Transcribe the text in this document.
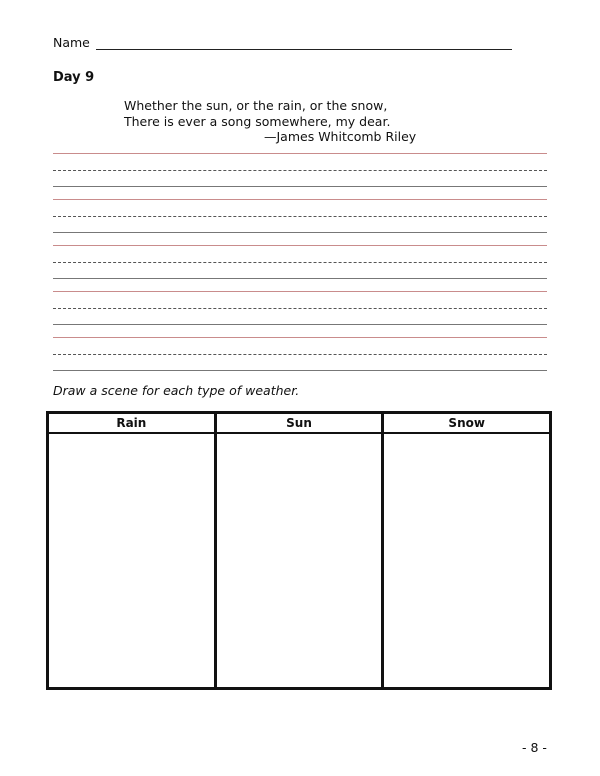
Name
Day 9
Whether the sun, or the rain, or the snow,
There is ever a song somewhere, my dear.
—James Whitcomb Riley
Draw a scene for each type of weather.
Rain	Sun	Snow
- 8 -
